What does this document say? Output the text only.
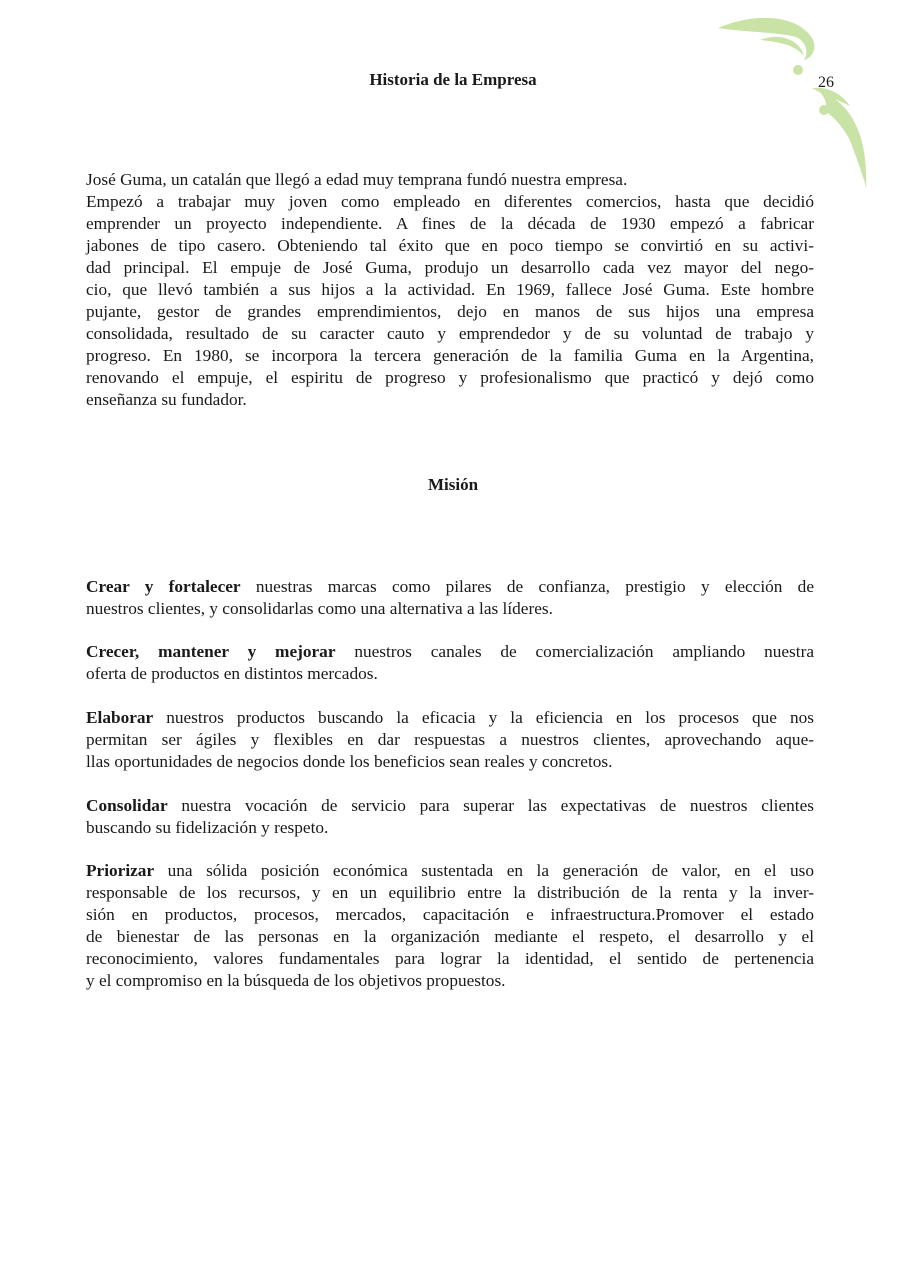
26
Historia de la Empresa
José Guma, un catalán que llegó a edad muy temprana fundó nuestra empresa.
Empezó a trabajar muy joven como empleado en diferentes comercios, hasta que decidió
emprender un proyecto independiente. A fines de la década de 1930 empezó a fabricar
jabones de tipo casero. Obteniendo tal éxito que en poco tiempo se convirtió en su activi-
dad principal. El empuje de José Guma, produjo un desarrollo cada vez mayor del nego-
cio, que llevó también a sus hijos a la actividad. En 1969, fallece José Guma. Este hombre
pujante, gestor de grandes emprendimientos, dejo en manos de sus hijos una empresa
consolidada, resultado de su caracter cauto y emprendedor y de su voluntad de trabajo y
progreso. En 1980, se incorpora la tercera generación de la familia Guma en la Argentina,
renovando el empuje, el espiritu de progreso y profesionalismo que practicó y dejó como
enseñanza su fundador.
Misión
Crear y fortalecer nuestras marcas como pilares de confianza, prestigio y elección de
nuestros clientes, y consolidarlas como una alternativa a las líderes.
Crecer, mantener y mejorar nuestros canales de comercialización ampliando nuestra
oferta de productos en distintos mercados.
Elaborar nuestros productos buscando la eficacia y la eficiencia en los procesos que nos
permitan ser ágiles y flexibles en dar respuestas a nuestros clientes, aprovechando aque-
llas oportunidades de negocios donde los beneficios sean reales y concretos.
Consolidar nuestra vocación de servicio para superar las expectativas de nuestros clientes
buscando su fidelización y respeto.
Priorizar una sólida posición económica sustentada en la generación de valor, en el uso
responsable de los recursos, y en un equilibrio entre la distribución de la renta y la inver-
sión en productos, procesos, mercados, capacitación e infraestructura.Promover el estado
de bienestar de las personas en la organización mediante el respeto, el desarrollo y el
reconocimiento, valores fundamentales para lograr la identidad, el sentido de pertenencia
y el compromiso en la búsqueda de los objetivos propuestos.
